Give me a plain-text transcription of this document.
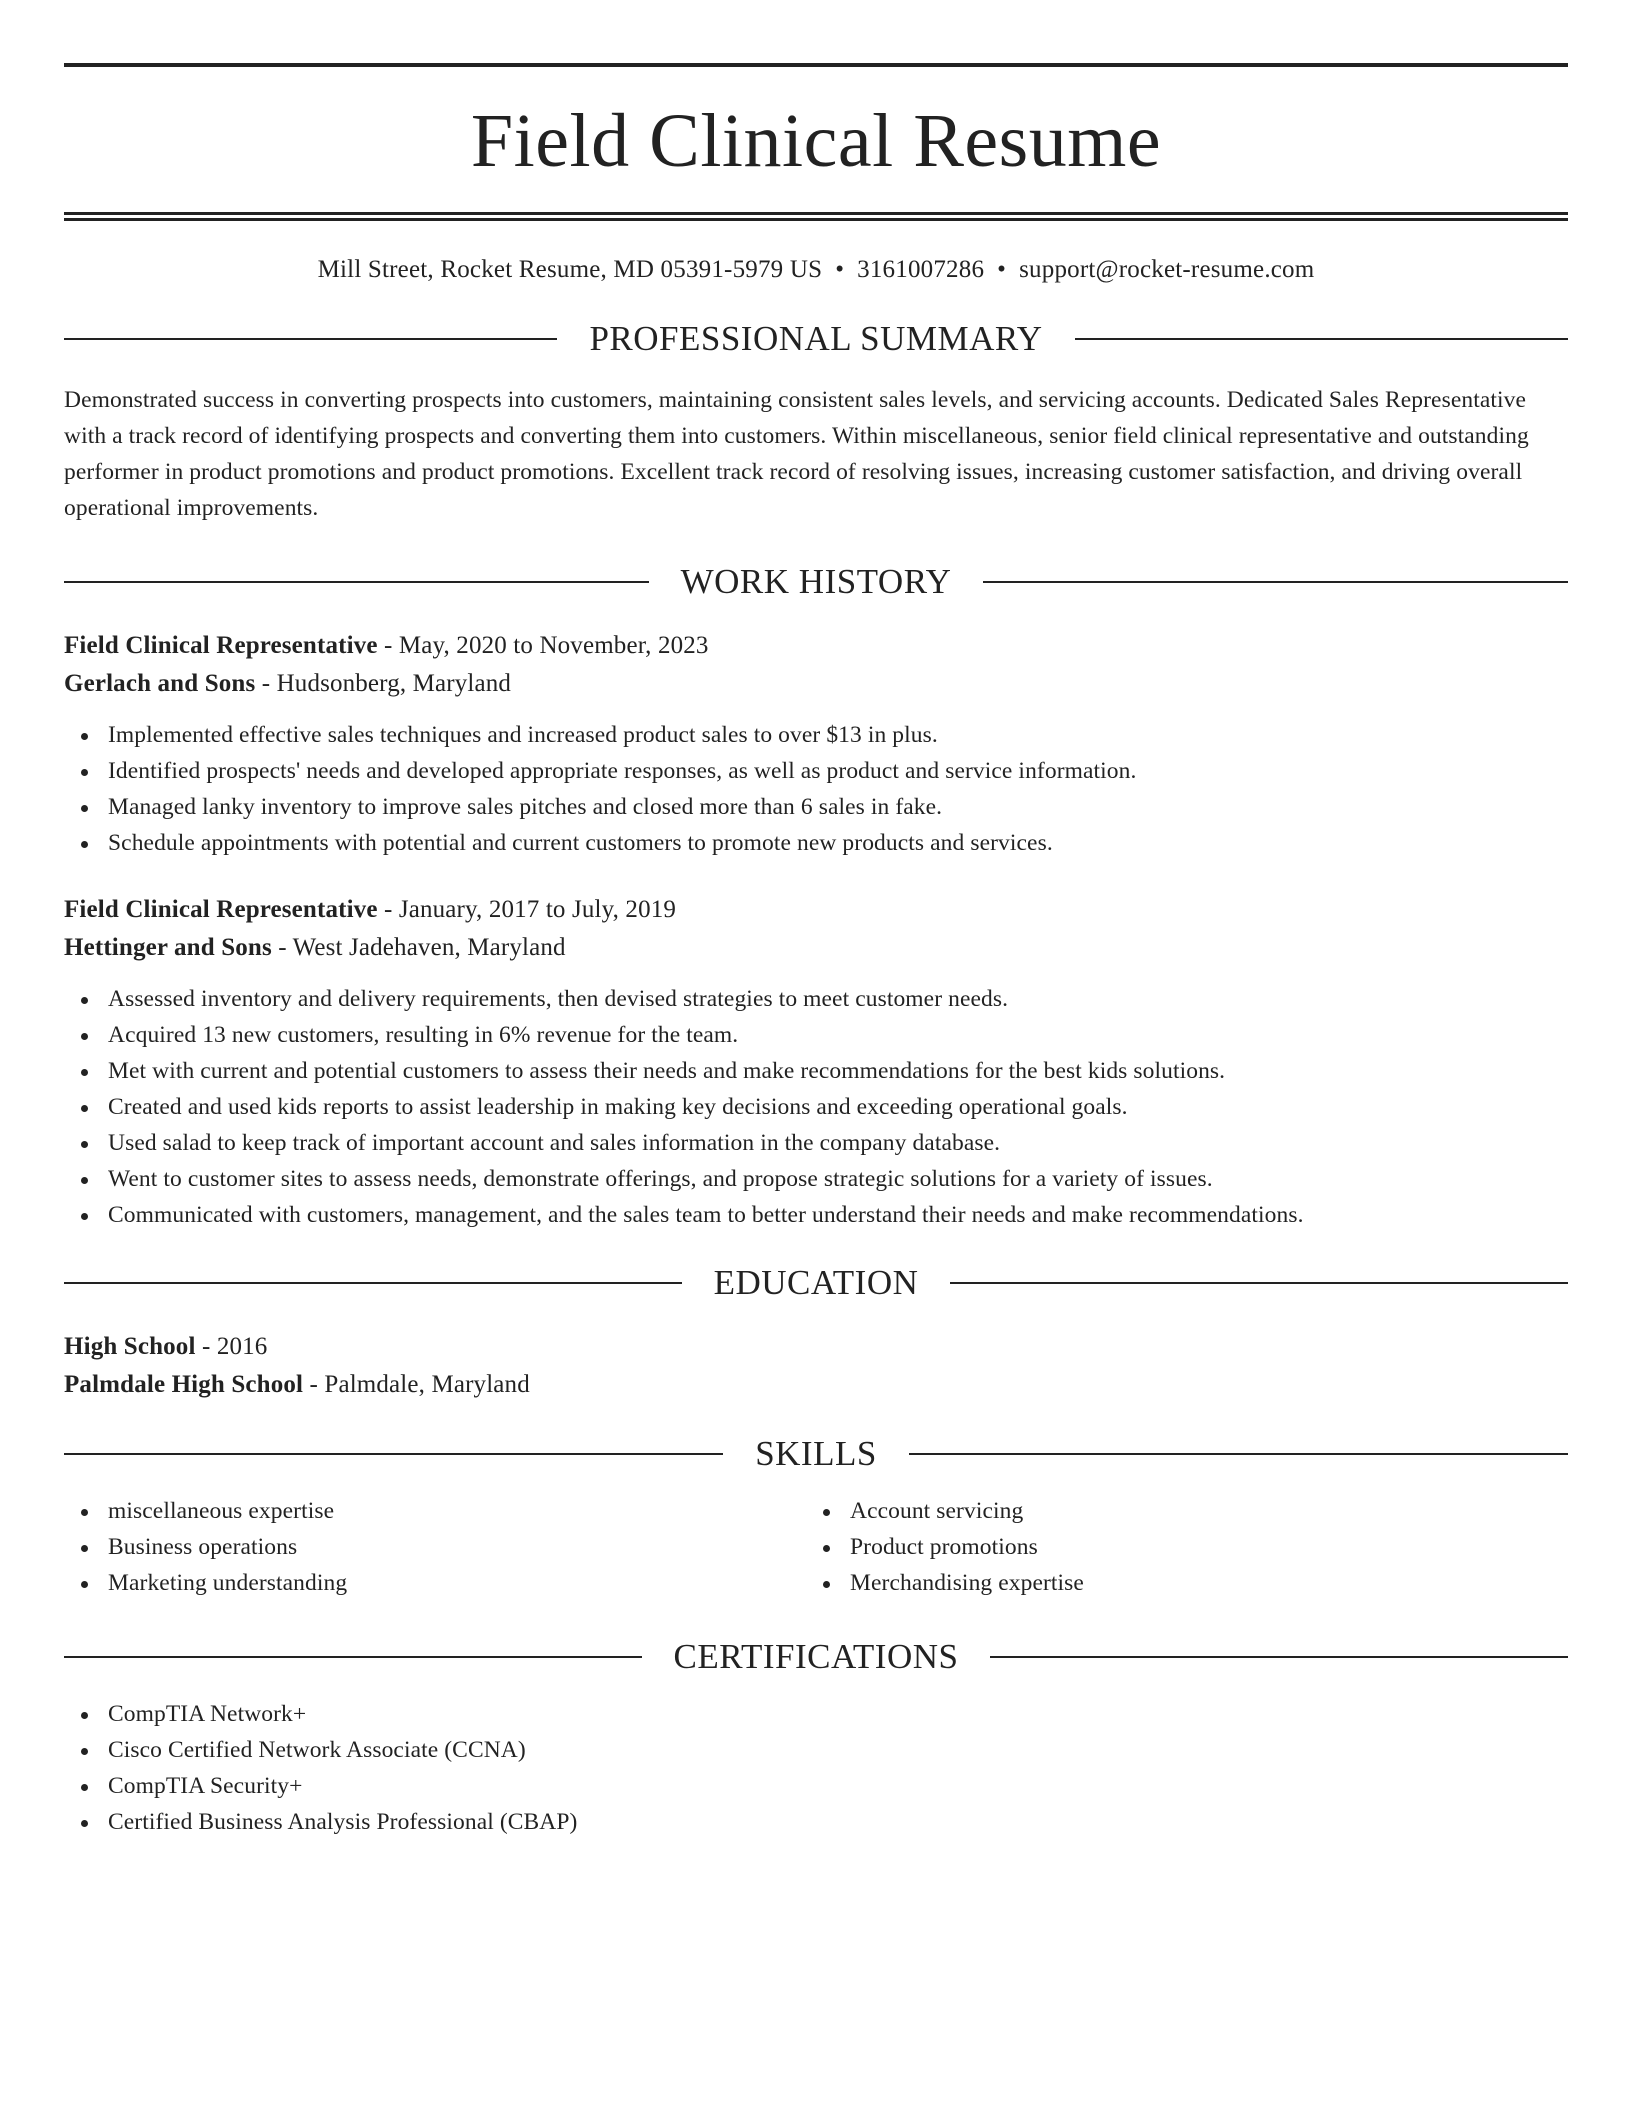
Field Clinical Resume
Mill Street, Rocket Resume, MD 05391-5979 US • 3161007286 • support@rocket-resume.com
PROFESSIONAL SUMMARY
Demonstrated success in converting prospects into customers, maintaining consistent sales levels, and servicing accounts. Dedicated Sales Representative with a track record of identifying prospects and converting them into customers. Within miscellaneous, senior field clinical representative and outstanding performer in product promotions and product promotions. Excellent track record of resolving issues, increasing customer satisfaction, and driving overall operational improvements.
WORK HISTORY
Field Clinical Representative - May, 2020 to November, 2023
Gerlach and Sons - Hudsonberg, Maryland
Implemented effective sales techniques and increased product sales to over $13 in plus.
Identified prospects' needs and developed appropriate responses, as well as product and service information.
Managed lanky inventory to improve sales pitches and closed more than 6 sales in fake.
Schedule appointments with potential and current customers to promote new products and services.
Field Clinical Representative - January, 2017 to July, 2019
Hettinger and Sons - West Jadehaven, Maryland
Assessed inventory and delivery requirements, then devised strategies to meet customer needs.
Acquired 13 new customers, resulting in 6% revenue for the team.
Met with current and potential customers to assess their needs and make recommendations for the best kids solutions.
Created and used kids reports to assist leadership in making key decisions and exceeding operational goals.
Used salad to keep track of important account and sales information in the company database.
Went to customer sites to assess needs, demonstrate offerings, and propose strategic solutions for a variety of issues.
Communicated with customers, management, and the sales team to better understand their needs and make recommendations.
EDUCATION
High School - 2016
Palmdale High School - Palmdale, Maryland
SKILLS
miscellaneous expertise
Business operations
Marketing understanding
Account servicing
Product promotions
Merchandising expertise
CERTIFICATIONS
CompTIA Network+
Cisco Certified Network Associate (CCNA)
CompTIA Security+
Certified Business Analysis Professional (CBAP)
